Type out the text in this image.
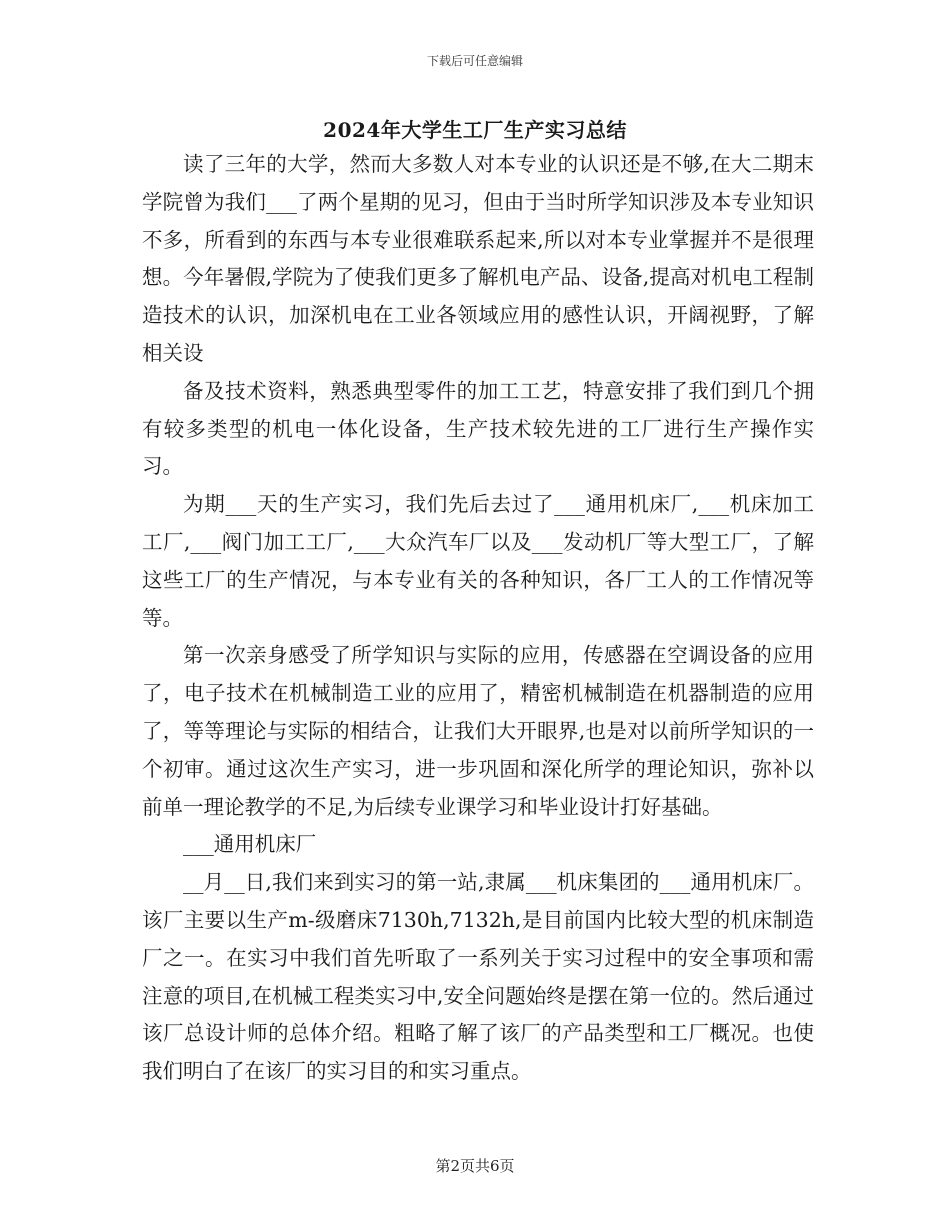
下载后可任意编辑
2024年大学生工厂生产实习总结

读了三年的大学，然而大多数人对本专业的认识还是不够,在大二期末学院曾为我们___了两个星期的见习，但由于当时所学知识涉及本专业知识不多，所看到的东西与本专业很难联系起来,所以对本专业掌握并不是很理想。今年暑假,学院为了使我们更多了解机电产品、设备,提高对机电工程制造技术的认识，加深机电在工业各领域应用的感性认识，开阔视野，了解相关设

备及技术资料，熟悉典型零件的加工工艺，特意安排了我们到几个拥有较多类型的机电一体化设备，生产技术较先进的工厂进行生产操作实习。

为期___天的生产实习，我们先后去过了___通用机床厂,___机床加工工厂,___阀门加工工厂,___大众汽车厂以及___发动机厂等大型工厂，了解这些工厂的生产情况，与本专业有关的各种知识，各厂工人的工作情况等等。

第一次亲身感受了所学知识与实际的应用，传感器在空调设备的应用了，电子技术在机械制造工业的应用了，精密机械制造在机器制造的应用了，等等理论与实际的相结合，让我们大开眼界,也是对以前所学知识的一个初审。通过这次生产实习，进一步巩固和深化所学的理论知识，弥补以前单一理论教学的不足,为后续专业课学习和毕业设计打好基础。

___通用机床厂

__月__日,我们来到实习的第一站,隶属___机床集团的___通用机床厂。该厂主要以生产m-级磨床7130h,7132h,是目前国内比较大型的机床制造厂之一。在实习中我们首先听取了一系列关于实习过程中的安全事项和需注意的项目,在机械工程类实习中,安全问题始终是摆在第一位的。然后通过该厂总设计师的总体介绍。粗略了解了该厂的产品类型和工厂概况。也使我们明白了在该厂的实习目的和实习重点。

第2页共6页
